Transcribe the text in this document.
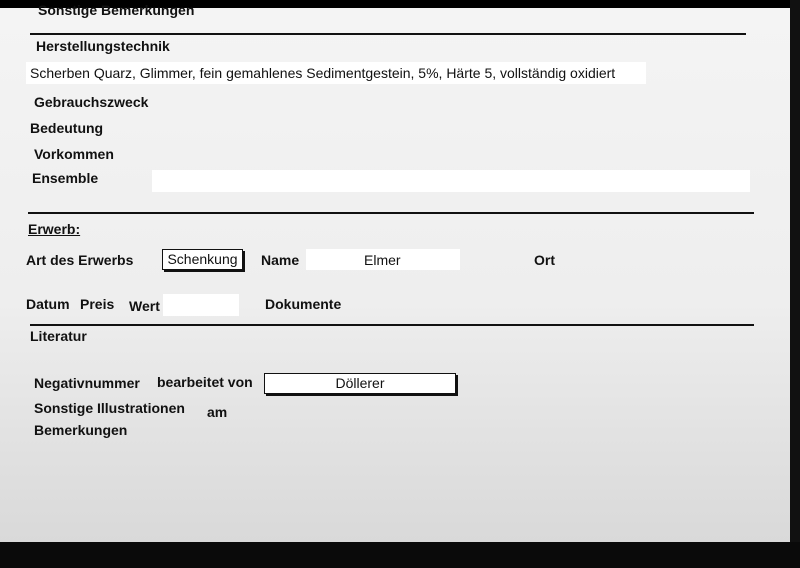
Sonstige Bemerkungen
Herstellungstechnik
Scherben Quarz, Glimmer, fein gemahlenes Sedimentgestein, 5%, Härte 5, vollständig oxidiert
Gebrauchszweck
Bedeutung
Vorkommen
Ensemble
Erwerb:
Art des Erwerbs	Schenkung	Name	Elmer	Ort
Datum Preis Wert	Dokumente
Literatur
Negativnummer bearbeitet von	Döllerer
Sonstige Illustrationen am
Bemerkungen
